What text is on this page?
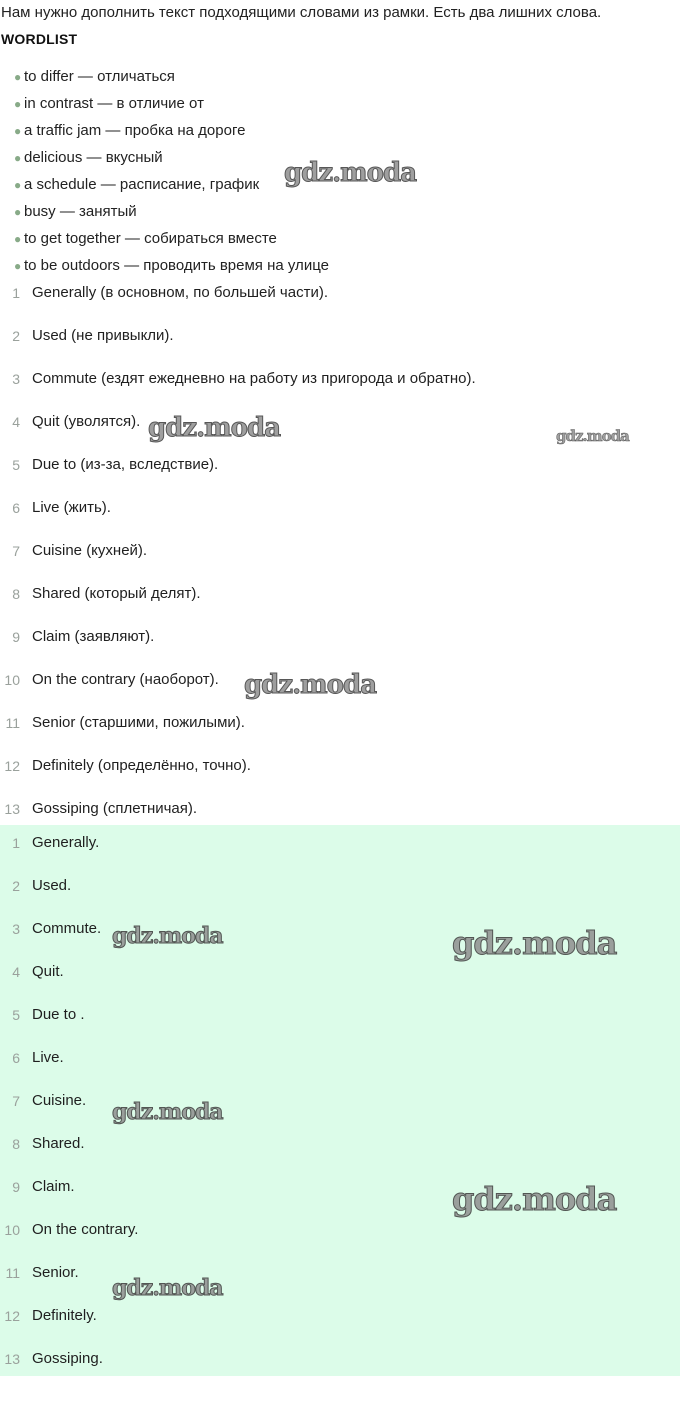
Нам нужно дополнить текст подходящими словами из рамки. Есть два лишних слова.
WORDLIST
● to differ — отличаться
● in contrast — в отличие от
● a traffic jam — пробка на дороге
● delicious — вкусный
● a schedule — расписание, график
● busy — занятый
● to get together — собираться вместе
● to be outdoors — проводить время на улице
1 Generally (в основном, по большей части).
2 Used (не привыкли).
3 Commute (ездят ежедневно на работу из пригорода и обратно).
4 Quit (уволятся).
5 Due to (из-за, вследствие).
6 Live (жить).
7 Cuisine (кухней).
8 Shared (который делят).
9 Claim (заявляют).
10 On the contrary (наоборот).
11 Senior (старшими, пожилыми).
12 Definitely (определённо, точно).
13 Gossiping (сплетничая).
1 Generally.
2 Used.
3 Commute.
4 Quit.
5 Due to .
6 Live.
7 Cuisine.
8 Shared.
9 Claim.
10 On the contrary.
11 Senior.
12 Definitely.
13 Gossiping.
gdz.moda
gdz.moda	gdz.moda
gdz.moda
gdz.moda	gdz.moda
gdz.moda
gdz.moda
gdz.moda
